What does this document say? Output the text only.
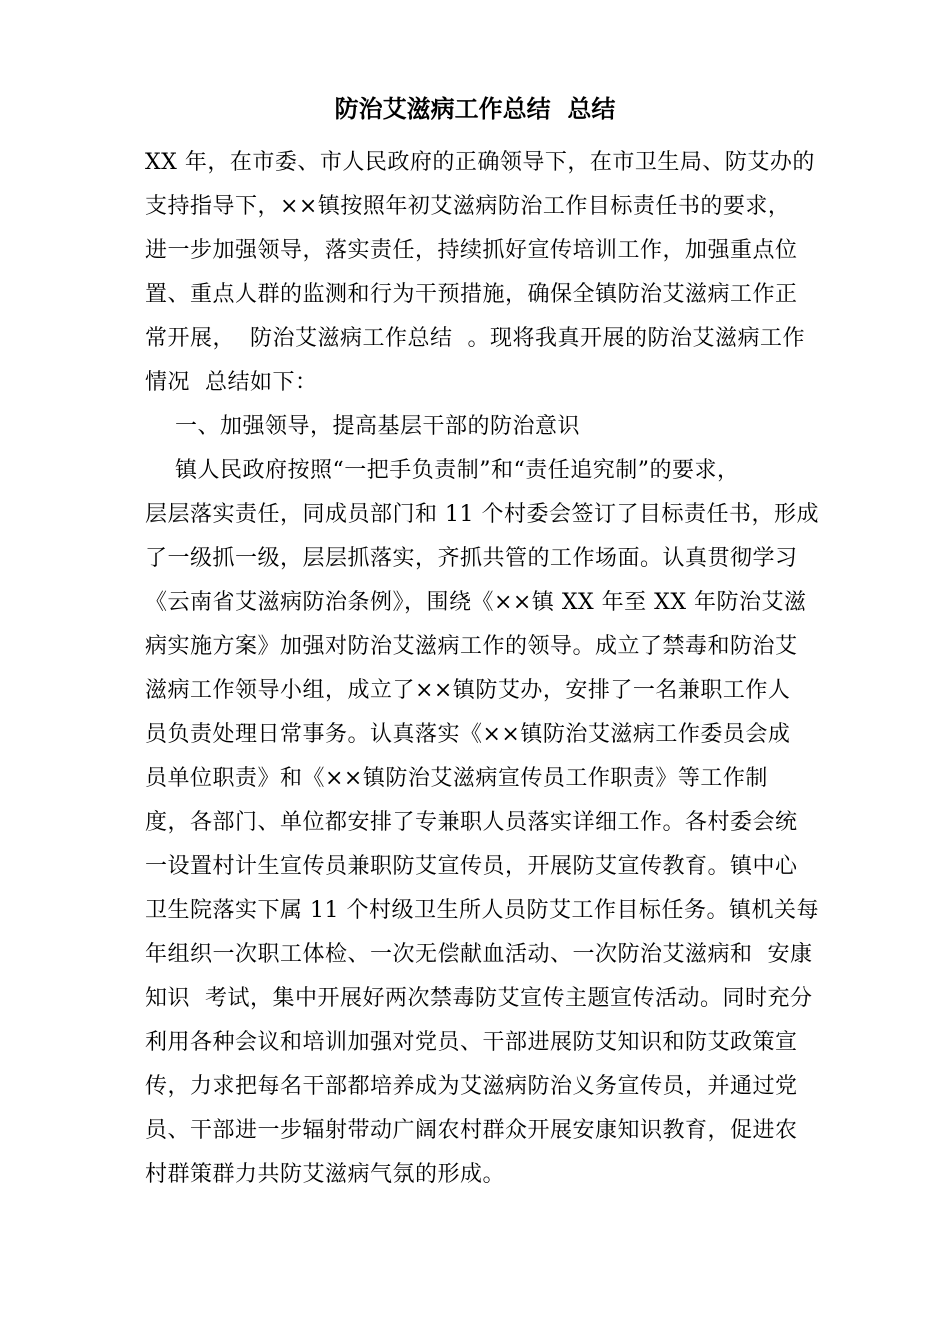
防治艾滋病工作总结  总结
XX 年，在市委、市人民政府的正确领导下，在市卫生局、防艾办的
支持指导下，××镇按照年初艾滋病防治工作目标责任书的要求，
进一步加强领导，落实责任，持续抓好宣传培训工作，加强重点位
置、重点人群的监测和行为干预措施，确保全镇防治艾滋病工作正
常开展，  防治艾滋病工作总结  。现将我真开展的防治艾滋病工作
情况  总结如下：
一、加强领导，提高基层干部的防治意识
镇人民政府按照“一把手负责制”和“责任追究制”的要求，
层层落实责任，同成员部门和 11 个村委会签订了目标责任书，形成
了一级抓一级，层层抓落实，齐抓共管的工作场面。认真贯彻学习
《云南省艾滋病防治条例》，围绕《××镇 XX 年至 XX 年防治艾滋
病实施方案》加强对防治艾滋病工作的领导。成立了禁毒和防治艾
滋病工作领导小组，成立了××镇防艾办，安排了一名兼职工作人
员负责处理日常事务。认真落实《××镇防治艾滋病工作委员会成
员单位职责》和《××镇防治艾滋病宣传员工作职责》等工作制
度，各部门、单位都安排了专兼职人员落实详细工作。各村委会统
一设置村计生宣传员兼职防艾宣传员，开展防艾宣传教育。镇中心
卫生院落实下属 11 个村级卫生所人员防艾工作目标任务。镇机关每
年组织一次职工体检、一次无偿献血活动、一次防治艾滋病和  安康
知识  考试，集中开展好两次禁毒防艾宣传主题宣传活动。同时充分
利用各种会议和培训加强对党员、干部进展防艾知识和防艾政策宣
传，力求把每名干部都培养成为艾滋病防治义务宣传员，并通过党
员、干部进一步辐射带动广阔农村群众开展安康知识教育，促进农
村群策群力共防艾滋病气氛的形成。
